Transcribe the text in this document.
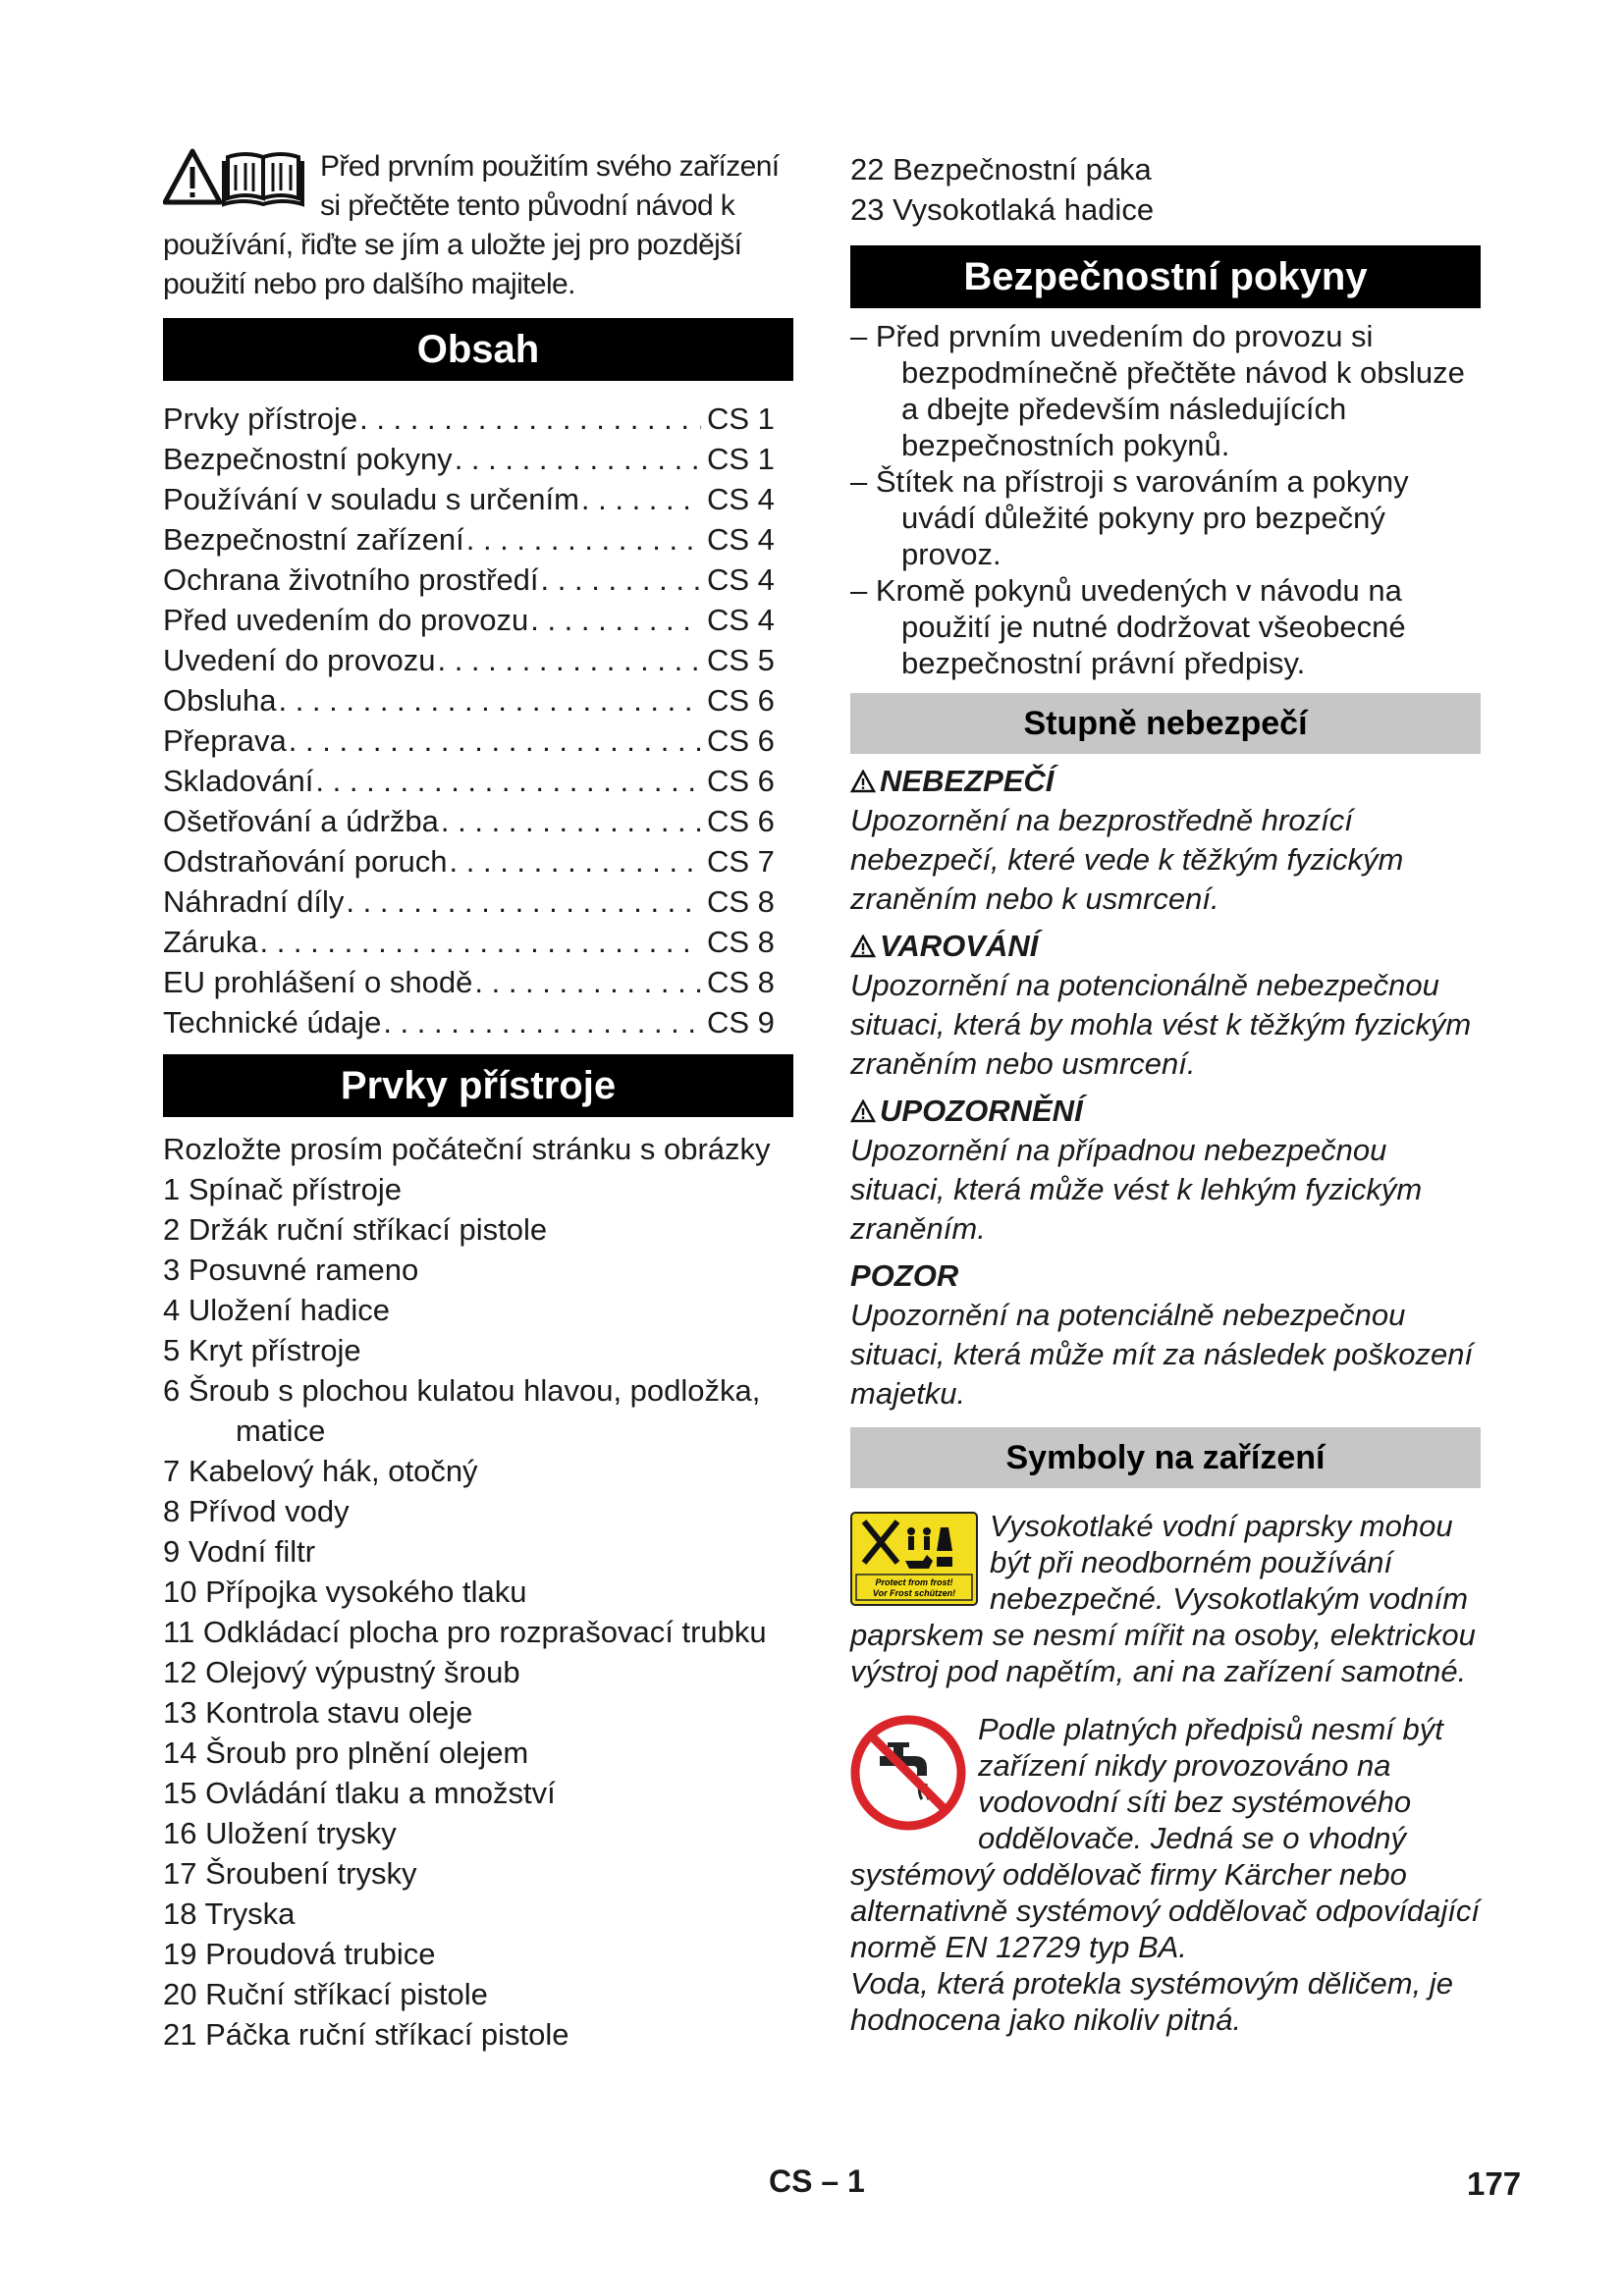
Před prvním použitím svého zařízení si přečtěte tento původní návod k používání, řiďte se jím a uložte jej pro pozdější použití nebo pro dalšího majitele.
Obsah
Prvky přístroje . . .	CS 1
Bezpečnostní pokyny . . .	CS 1
Používání v souladu s určením . . .	CS 4
Bezpečnostní zařízení . . .	CS 4
Ochrana životního prostředí . . .	CS 4
Před uvedením do provozu . . .	CS 4
Uvedení do provozu . . .	CS 5
Obsluha . . .	CS 6
Přeprava . . .	CS 6
Skladování . . .	CS 6
Ošetřování a údržba . . .	CS 6
Odstraňování poruch . . .	CS 7
Náhradní díly . . .	CS 8
Záruka . . .	CS 8
EU prohlášení o shodě . . .	CS 8
Technické údaje . . .	CS 9
Prvky přístroje

Rozložte prosím počáteční stránku s obrázky

1 Spínač přístroje
2 Držák ruční stříkací pistole
3 Posuvné rameno
4 Uložení hadice
5 Kryt přístroje
6 Šroub s plochou kulatou hlavou, podložka, matice
7 Kabelový hák, otočný
8 Přívod vody
9 Vodní filtr
10 Přípojka vysokého tlaku
11 Odkládací plocha pro rozprašovací trubku
12 Olejový výpustný šroub
13 Kontrola stavu oleje
14 Šroub pro plnění olejem
15 Ovládání tlaku a množství
16 Uložení trysky
17 Šroubení trysky
18 Tryska
19 Proudová trubice
20 Ruční stříkací pistole
21 Páčka ruční stříkací pistole
22 Bezpečnostní páka
23 Vysokotlaká hadice
Bezpečnostní pokyny
– Před prvním uvedením do provozu si bezpodmínečně přečtěte návod k obsluze a dbejte především následujících bezpečnostních pokynů.
– Štítek na přístroji s varováním a pokyny uvádí důležité pokyny pro bezpečný provoz.
– Kromě pokynů uvedených v návodu na použití je nutné dodržovat všeobecné bezpečnostní právní předpisy.
Stupně nebezpečí
NEBEZPEČÍ

Upozornění na bezprostředně hrozící nebezpečí, které vede k těžkým fyzickým zraněním nebo k usmrcení.

VAROVÁNÍ

Upozornění na potencionálně nebezpečnou situaci, která by mohla vést k těžkým fyzickým zraněním nebo usmrcení.

UPOZORNĚNÍ

Upozornění na případnou nebezpečnou situaci, která může vést k lehkým fyzickým zraněním.

POZOR

Upozornění na potenciálně nebezpečnou situaci, která může mít za následek poškození majetku.

Symboly na zařízení
Protect from frost!
Vor Frost schützen!
Vysokotlaké vodní paprsky mohou být při neodborném používání nebezpečné. Vysokotlakým vodním paprskem se nesmí mířit na osoby, elektrickou výstroj pod napětím, ani na zařízení samotné.
Podle platných předpisů nesmí být zařízení nikdy provozováno na vodovodní síti bez systémového oddělovače. Jedná se o vhodný systémový oddělovač firmy Kärcher nebo alternativně systémový oddělovač odpovídající normě EN 12729 typ BA.
Voda, která protekla systémovým děličem, je hodnocena jako nikoliv pitná.
CS – 1	177
